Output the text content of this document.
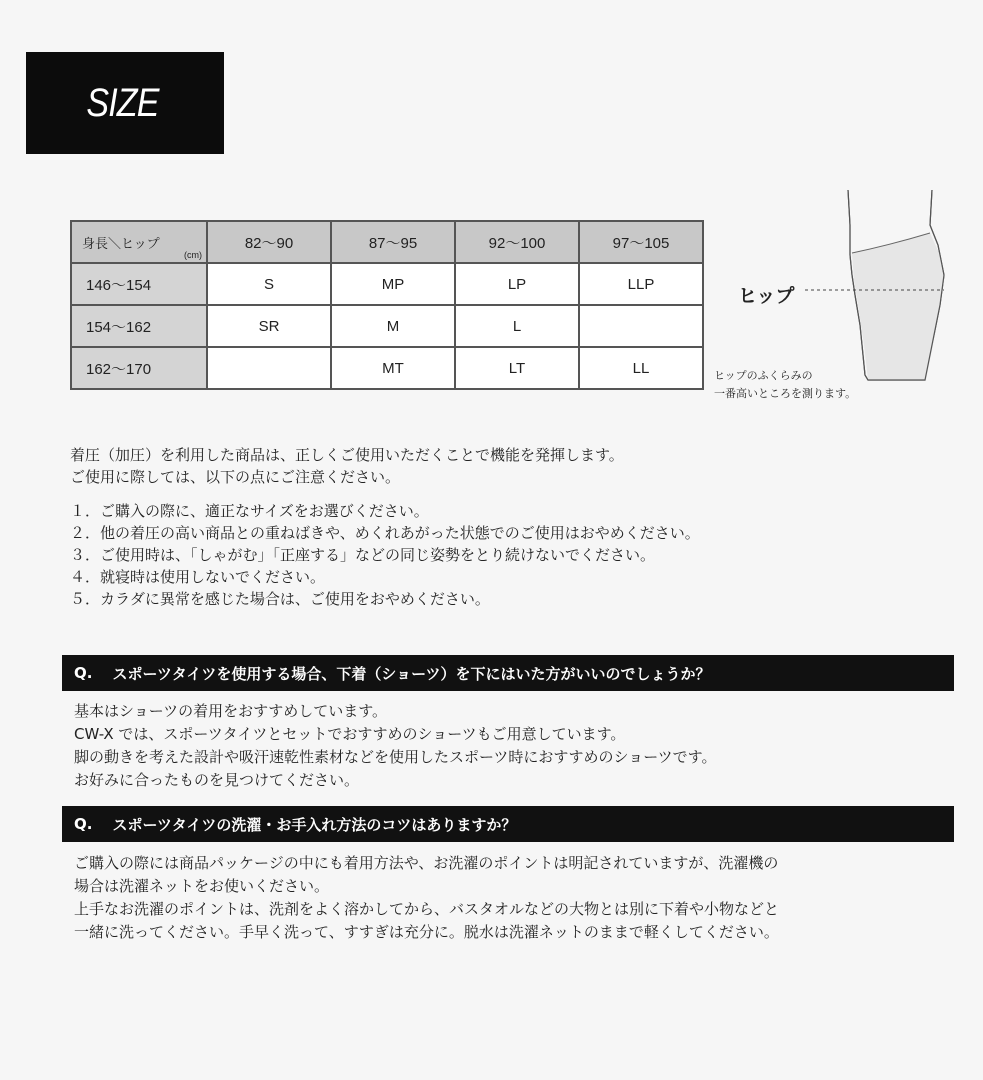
SIZE
身長＼ヒップ
(cm)	82〜90	87〜95	92〜100	97〜105
146〜154	S	MP	LP	LLP
154〜162	SR	M	L	
162〜170		MT	LT	LL
ヒップ
ヒップのふくらみの
一番高いところを測ります。
着圧（加圧）を利用した商品は、正しくご使用いただくことで機能を発揮します。
ご使用に際しては、以下の点にご注意ください。
１．ご購入の際に、適正なサイズをお選びください。
２．他の着圧の高い商品との重ねばきや、めくれあがった状態でのご使用はおやめください。
３．ご使用時は、「しゃがむ」「正座する」などの同じ姿勢をとり続けないでください。
４．就寝時は使用しないでください。
５．カラダに異常を感じた場合は、ご使用をおやめください。
Q. スポーツタイツを使用する場合、下着（ショーツ）を下にはいた方がいいのでしょうか？
基本はショーツの着用をおすすめしています。
CW-X では、スポーツタイツとセットでおすすめのショーツもご用意しています。
脚の動きを考えた設計や吸汗速乾性素材などを使用したスポーツ時におすすめのショーツです。
お好みに合ったものを見つけてください。
Q. スポーツタイツの洗濯・お手入れ方法のコツはありますか？
ご購入の際には商品パッケージの中にも着用方法や、お洗濯のポイントは明記されていますが、洗濯機の
場合は洗濯ネットをお使いください。
上手なお洗濯のポイントは、洗剤をよく溶かしてから、バスタオルなどの大物とは別に下着や小物などと
一緒に洗ってください。手早く洗って、すすぎは充分に。脱水は洗濯ネットのままで軽くしてください。
